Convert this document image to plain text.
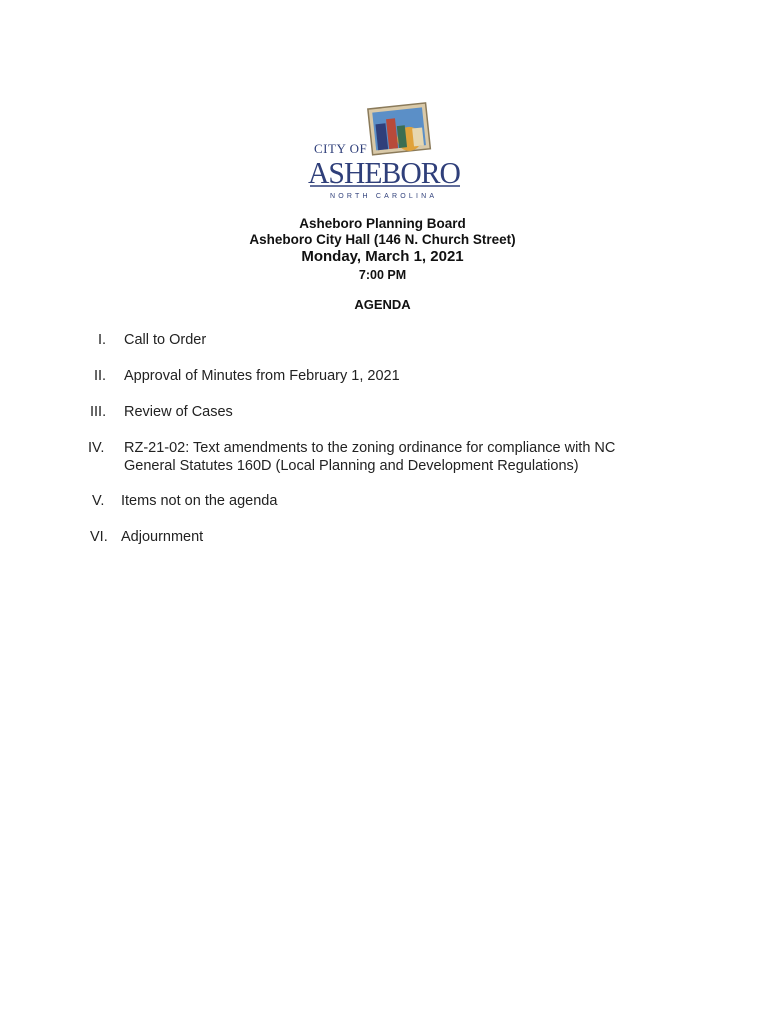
CITY OF
ASHEBORO
NORTH CAROLINA
Asheboro Planning Board
Asheboro City Hall (146 N. Church Street)
Monday, March 1, 2021
7:00 PM
AGENDA
I. Call to Order
II. Approval of Minutes from February 1, 2021
III. Review of Cases
IV. RZ-21-02: Text amendments to the zoning ordinance for compliance with NC
General Statutes 160D (Local Planning and Development Regulations)
V. Items not on the agenda
VI. Adjournment
